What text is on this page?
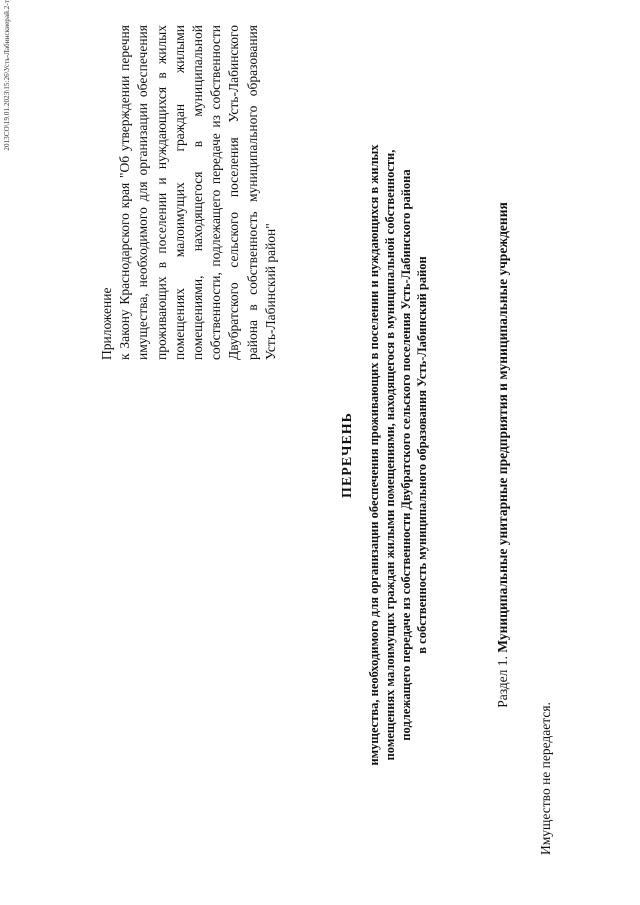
2013СО\19.01.2023\15:26\Усть-Лабинскиерай.2-т
Приложение к Закону Краснодарского края "Об утверждении перечня имущества, необходимого для организации обеспечения проживающих в поселении и нуждающихся в жилых помещениях малоимущих граждан жилыми помещениями, находящегося в муниципальной собственности, подлежащего передаче из собственности Двубратского сельского поселения Усть-Лабинского района в собственность муниципального образования Усть-Лабинский район"
ПЕРЕЧЕНЬ
имущества, необходимого для организации обеспечения проживающих в поселении и нуждающихся в жилых
помещениях малоимущих граждан жилыми помещениями, находящегося в муниципальной собственности,
подлежащего передаче из собственности Двубратского сельского поселения Усть-Лабинского района
в собственность муниципального образования Усть-Лабинский район
Раздел 1. Муниципальные унитарные предприятия и муниципальные учреждения
Имущество не передается.
